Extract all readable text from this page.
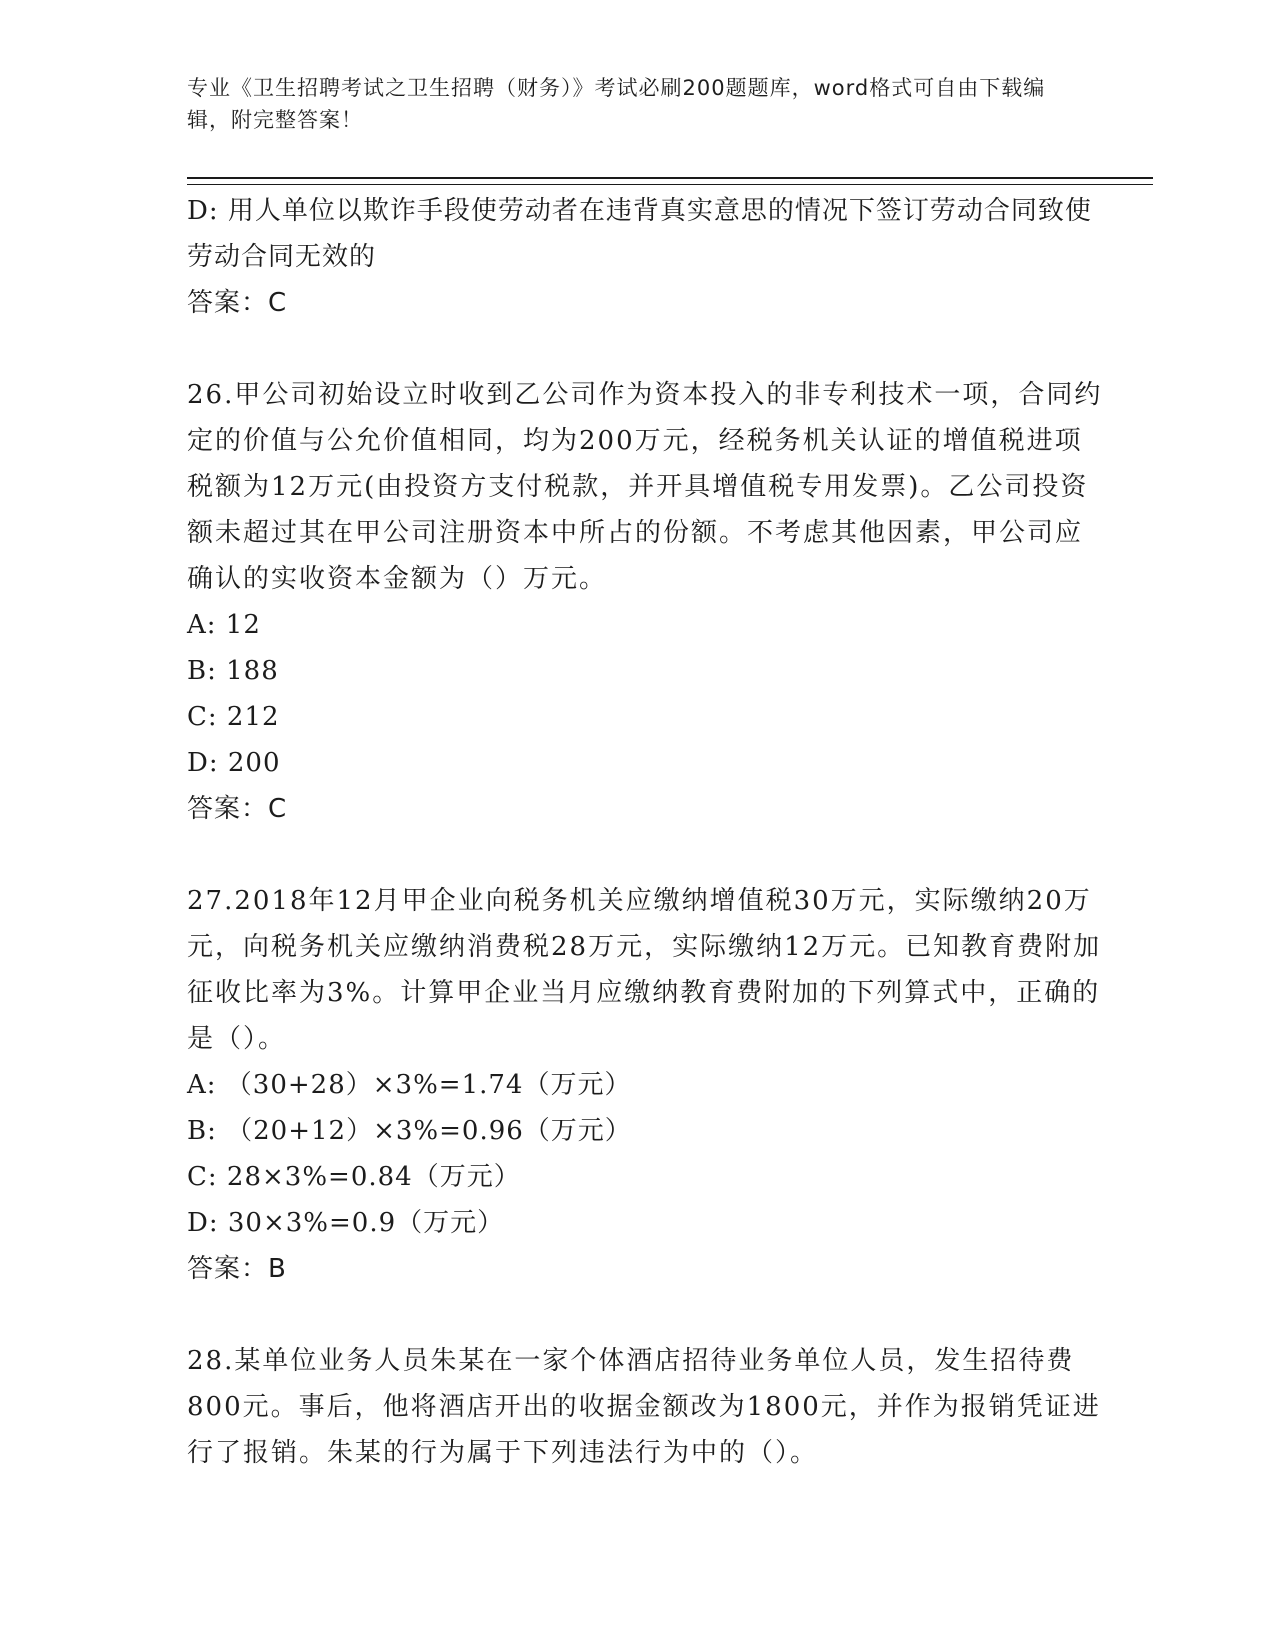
专业《卫生招聘考试之卫生招聘（财务）》考试必刷200题题库，word格式可自由下载编辑，附完整答案！
D: 用人单位以欺诈手段使劳动者在违背真实意思的情况下签订劳动合同致使劳动合同无效的
答案：C
26.甲公司初始设立时收到乙公司作为资本投入的非专利技术一项，合同约定的价值与公允价值相同，均为200万元，经税务机关认证的增值税进项税额为12万元(由投资方支付税款，并开具增值税专用发票)。乙公司投资额未超过其在甲公司注册资本中所占的份额。不考虑其他因素，甲公司应确认的实收资本金额为（）万元。
A: 12
B: 188
C: 212
D: 200
答案：C
27.2018年12月甲企业向税务机关应缴纳增值税30万元，实际缴纳20万元，向税务机关应缴纳消费税28万元，实际缴纳12万元。已知教育费附加征收比率为3%。计算甲企业当月应缴纳教育费附加的下列算式中，正确的是（）。
A: （30+28）×3%=1.74（万元）
B: （20+12）×3%=0.96（万元）
C: 28×3%=0.84（万元）
D: 30×3%=0.9（万元）
答案：B
28.某单位业务人员朱某在一家个体酒店招待业务单位人员，发生招待费800元。事后，他将酒店开出的收据金额改为1800元，并作为报销凭证进行了报销。朱某的行为属于下列违法行为中的（）。
